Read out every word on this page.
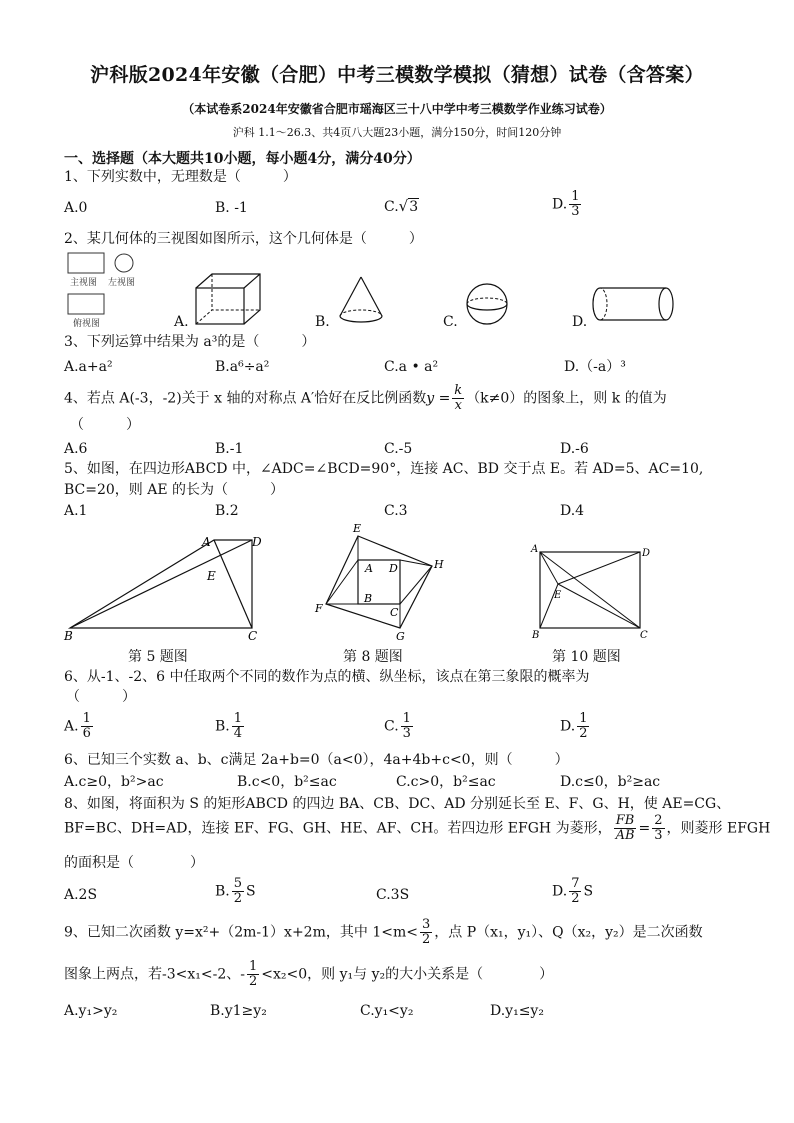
沪科版2024年安徽（合肥）中考三模数学模拟（猜想）试卷（含答案）
（本试卷系2024年安徽省合肥市瑶海区三十八中学中考三模数学作业练习试卷）
沪科 1.1～26.3、共4页八大题23小题，满分150分，时间120分钟
一、选择题（本大题共10小题，每小题4分，满分40分）
1、下列实数中，无理数是（　　　）
A.0	B. -1	C.√3	D. $\frac{1}{3}$
2、某几何体的三视图如图所示，这个几何体是（　　　）
主视图 左视图
俯视图	A.	B.	C.	D.
3、下列运算中结果为 a³的是（　　　）
A.a+a²	B.a⁶÷a²	C.a • a²	D.（-a）³
4、若点 A(-3，-2)关于 x 轴的对称点 A′恰好在反比例函数$y = \frac{k}{x} (k\ne 0)$的图象上，则 k 的值为
（　　　）
A.6	B.-1	C.-5	D.-6
5、如图，在四边形ABCD 中，∠ADC=∠BCD=90°，连接 AC、BD 交于点 E。若 AD=5、AC=10,
BC=20，则 AE 的长为（　　　）
A.1	B.2	C.3	D.4
A	D
E
B	C
第 5 题图
E
A D	H
B
C
F
G
第 8 题图
A	D
E
B	C
第 10 题图
6、从-1、-2、6 中任取两个不同的数作为点的横、纵坐标，该点在第三象限的概率为
（　　　）
A. $\frac{1}{6}$	B. $\frac{1}{4}$	C. $\frac{1}{3}$	D. $\frac{1}{2}$
6、已知三个实数 a、b、c满足 2a+b=0（a<0），4a+4b+c<0，则（　　　）
A.c≥0，b²>ac	B.c<0，b²≤ac	C.c>0，b²≤ac	D.c≤0，b²≥ac
8、如图，将面积为 S 的矩形ABCD 的四边 BA、CB、DC、AD 分别延长至 E、F、G、H，使 AE=CG、
BF=BC、DH=AD，连接 EF、FG、GH、HE、AF、CH。若四边形 EFGH 为菱形， $\frac{FB}{AB} = \frac{2}{3}$ ，则菱形 EFGH
的面积是（　　　　）
A.2S	B. $\frac{5}{2}$ S	C.3S	D. $\frac{7}{2}$ S
9、已知二次函数 y=x²+（2m-1）x+2m，其中 $1<m< \frac{3}{2}$ ，点 P（x₁，y₁）、Q（x₂，y₂）是二次函数
图象上两点，若-3<x₁<-2、- $\frac{1}{2} <x_2<0$，则 y₁与 y₂的大小关系是（　　　　）
A.y₁>y₂	B.y1≥y₂	C.y₁<y₂	D.y₁≤y₂
